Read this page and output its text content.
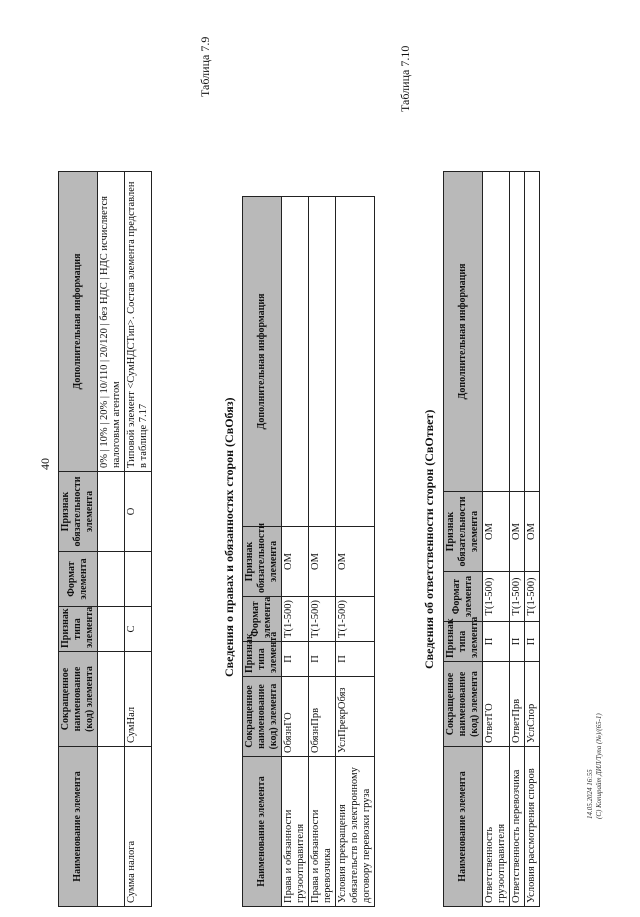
40
Наименование элемента	Сокращенное наименование (код) элемента	Признак типа элемента	Формат элемента	Признак обязательности элемента	Дополнительная информация
					0% | 10% | 20% | 10/110 | 20/120 | без НДС | НДС исчисляется налоговым агентом
Сумма налога	СумНал	С		О	Типовой элемент <СумНДСТип>. Состав элемента представлен в таблице 7.17
Таблица 7.9
Сведения о правах и обязанностях сторон (СвОбяз)
Наименование элемента	Сокращенное наименование (код) элемента	Признак типа элемента	Формат элемента	Признак обязательности элемента	Дополнительная информация
Права и обязанности грузоотправителя	ОбязнГО	П	T(1-500)	ОМ	
Права и обязанности перевозчика	ОбязнПрв	П	T(1-500)	ОМ	
Условия прекращения обязательств по электронному договору перевозки груза	УслПрекрОбяз	П	T(1-500)	ОМ	
Таблица 7.10
Сведения об ответственности сторон (СвОтвет)
Наименование элемента	Сокращенное наименование (код) элемента	Признак типа элемента	Формат элемента	Признак обязательности элемента	Дополнительная информация
Ответственность грузоотправителя	ОтветГО	П	T(1-500)	ОМ	
Ответственность перевозчика	ОтветПрв	П	T(1-500)	ОМ	
Условия рассмотрения споров	УслСпор	П	T(1-500)	ОМ	
14.05.2024 16:55 (С) Копирайт ДИЛ/Тупа (№)/(65-1)
